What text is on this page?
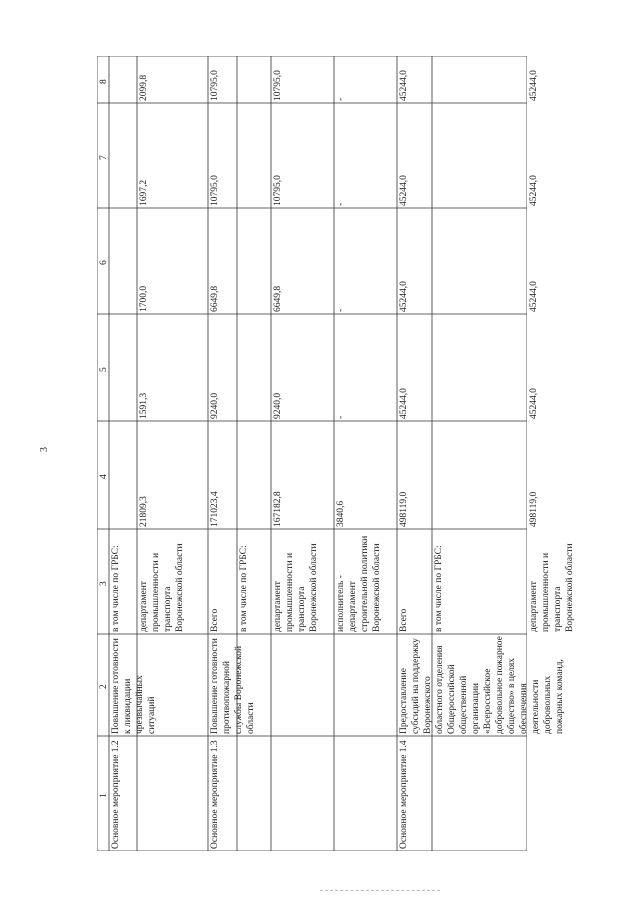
3
1
2
3
4
5
6
7
8
Основное мероприятие 1.2
Повышение готовности к ликвидации чрезвычайных ситуаций
в том числе по ГРБС: департамент промышленности и транспорта Воронежской области
21809,3
1591,3
1700,0
1697,2
2099,8
Основное мероприятие 1.3
Повышение готовности противопожарной службы Воронежской области
Всего
171023,4
9240,0
6649,8
10795,0
10795,0
в том числе по ГРБС:	департамент промышленности и транспорта Воронежской области
167182,8
9240,0
6649,8
10795,0
10795,0
исполнитель - департамент строительной политики Воронежской области
3840,6
-
-
-
-
Основное мероприятие 1.4
Предоставление субсидий на поддержку Воронежского областного отделения Общероссийской общественной организации «Всероссийское добровольное пожарное общество» в целях обеспечения деятельности добровольных пожарных команд,
Всего
498119,0
45244,0
45244,0
45244,0
45244,0
в том числе по ГРБС:	департамент промышленности и транспорта Воронежской области
498119,0
45244,0
45244,0
45244,0
45244,0
